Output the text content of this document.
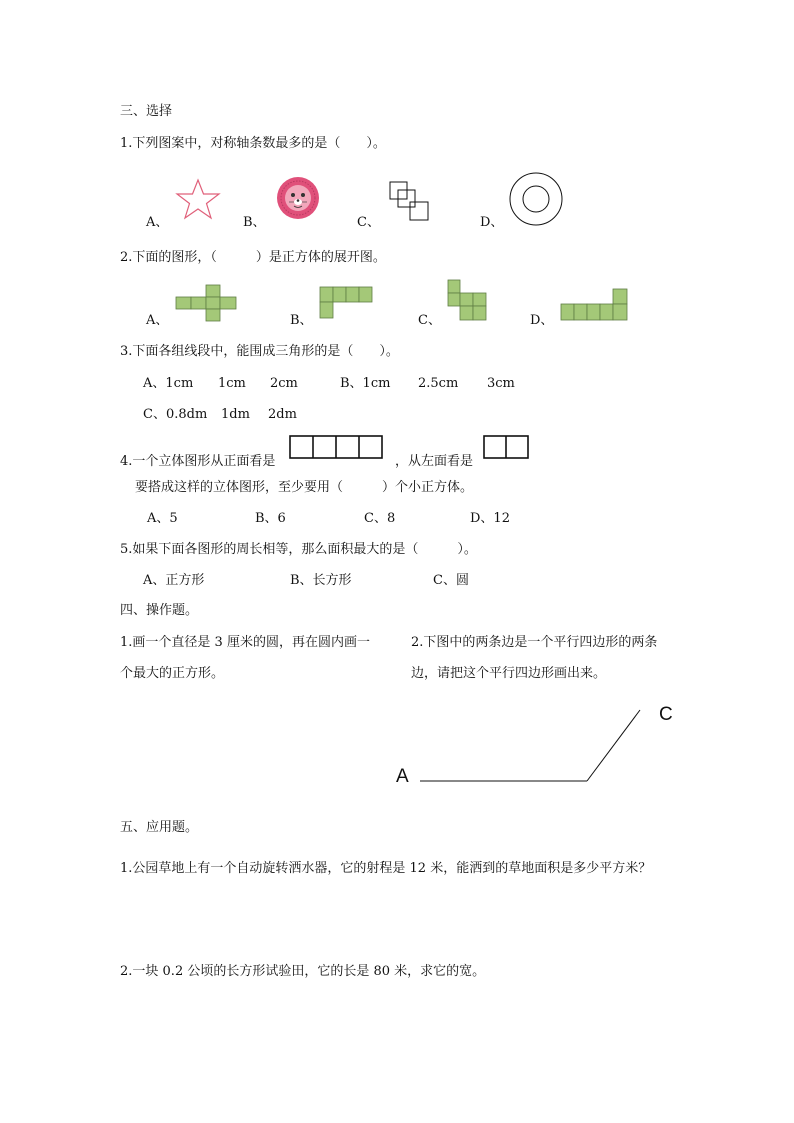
三、选择
1.下列图案中，对称轴条数最多的是（　　）。
A、	B、	C、	D、
2.下面的图形，（　　　）是正方体的展开图。
A、	B、	C、	D、
3.下面各组线段中，能围成三角形的是（　　）。
A、1cm 1cm 2cm	B、1cm 2.5cm 3cm
C、0.8dm 1dm 2dm
4.一个立体图形从正面看是	，从左面看是
要搭成这样的立体图形，至少要用（　　　）个小正方体。
A、5	B、6	C、8	D、12
5.如果下面各图形的周长相等，那么面积最大的是（　　　）。
A、正方形	B、长方形	C、圆
四、操作题。
1.画一个直径是 3 厘米的圆，再在圆内画一
个最大的正方形。
2.下图中的两条边是一个平行四边形的两条
边，请把这个平行四边形画出来。
A
C
五、应用题。
1.公园草地上有一个自动旋转洒水器，它的射程是 12 米，能洒到的草地面积是多少平方米？
2.一块 0.2 公顷的长方形试验田，它的长是 80 米，求它的宽。
